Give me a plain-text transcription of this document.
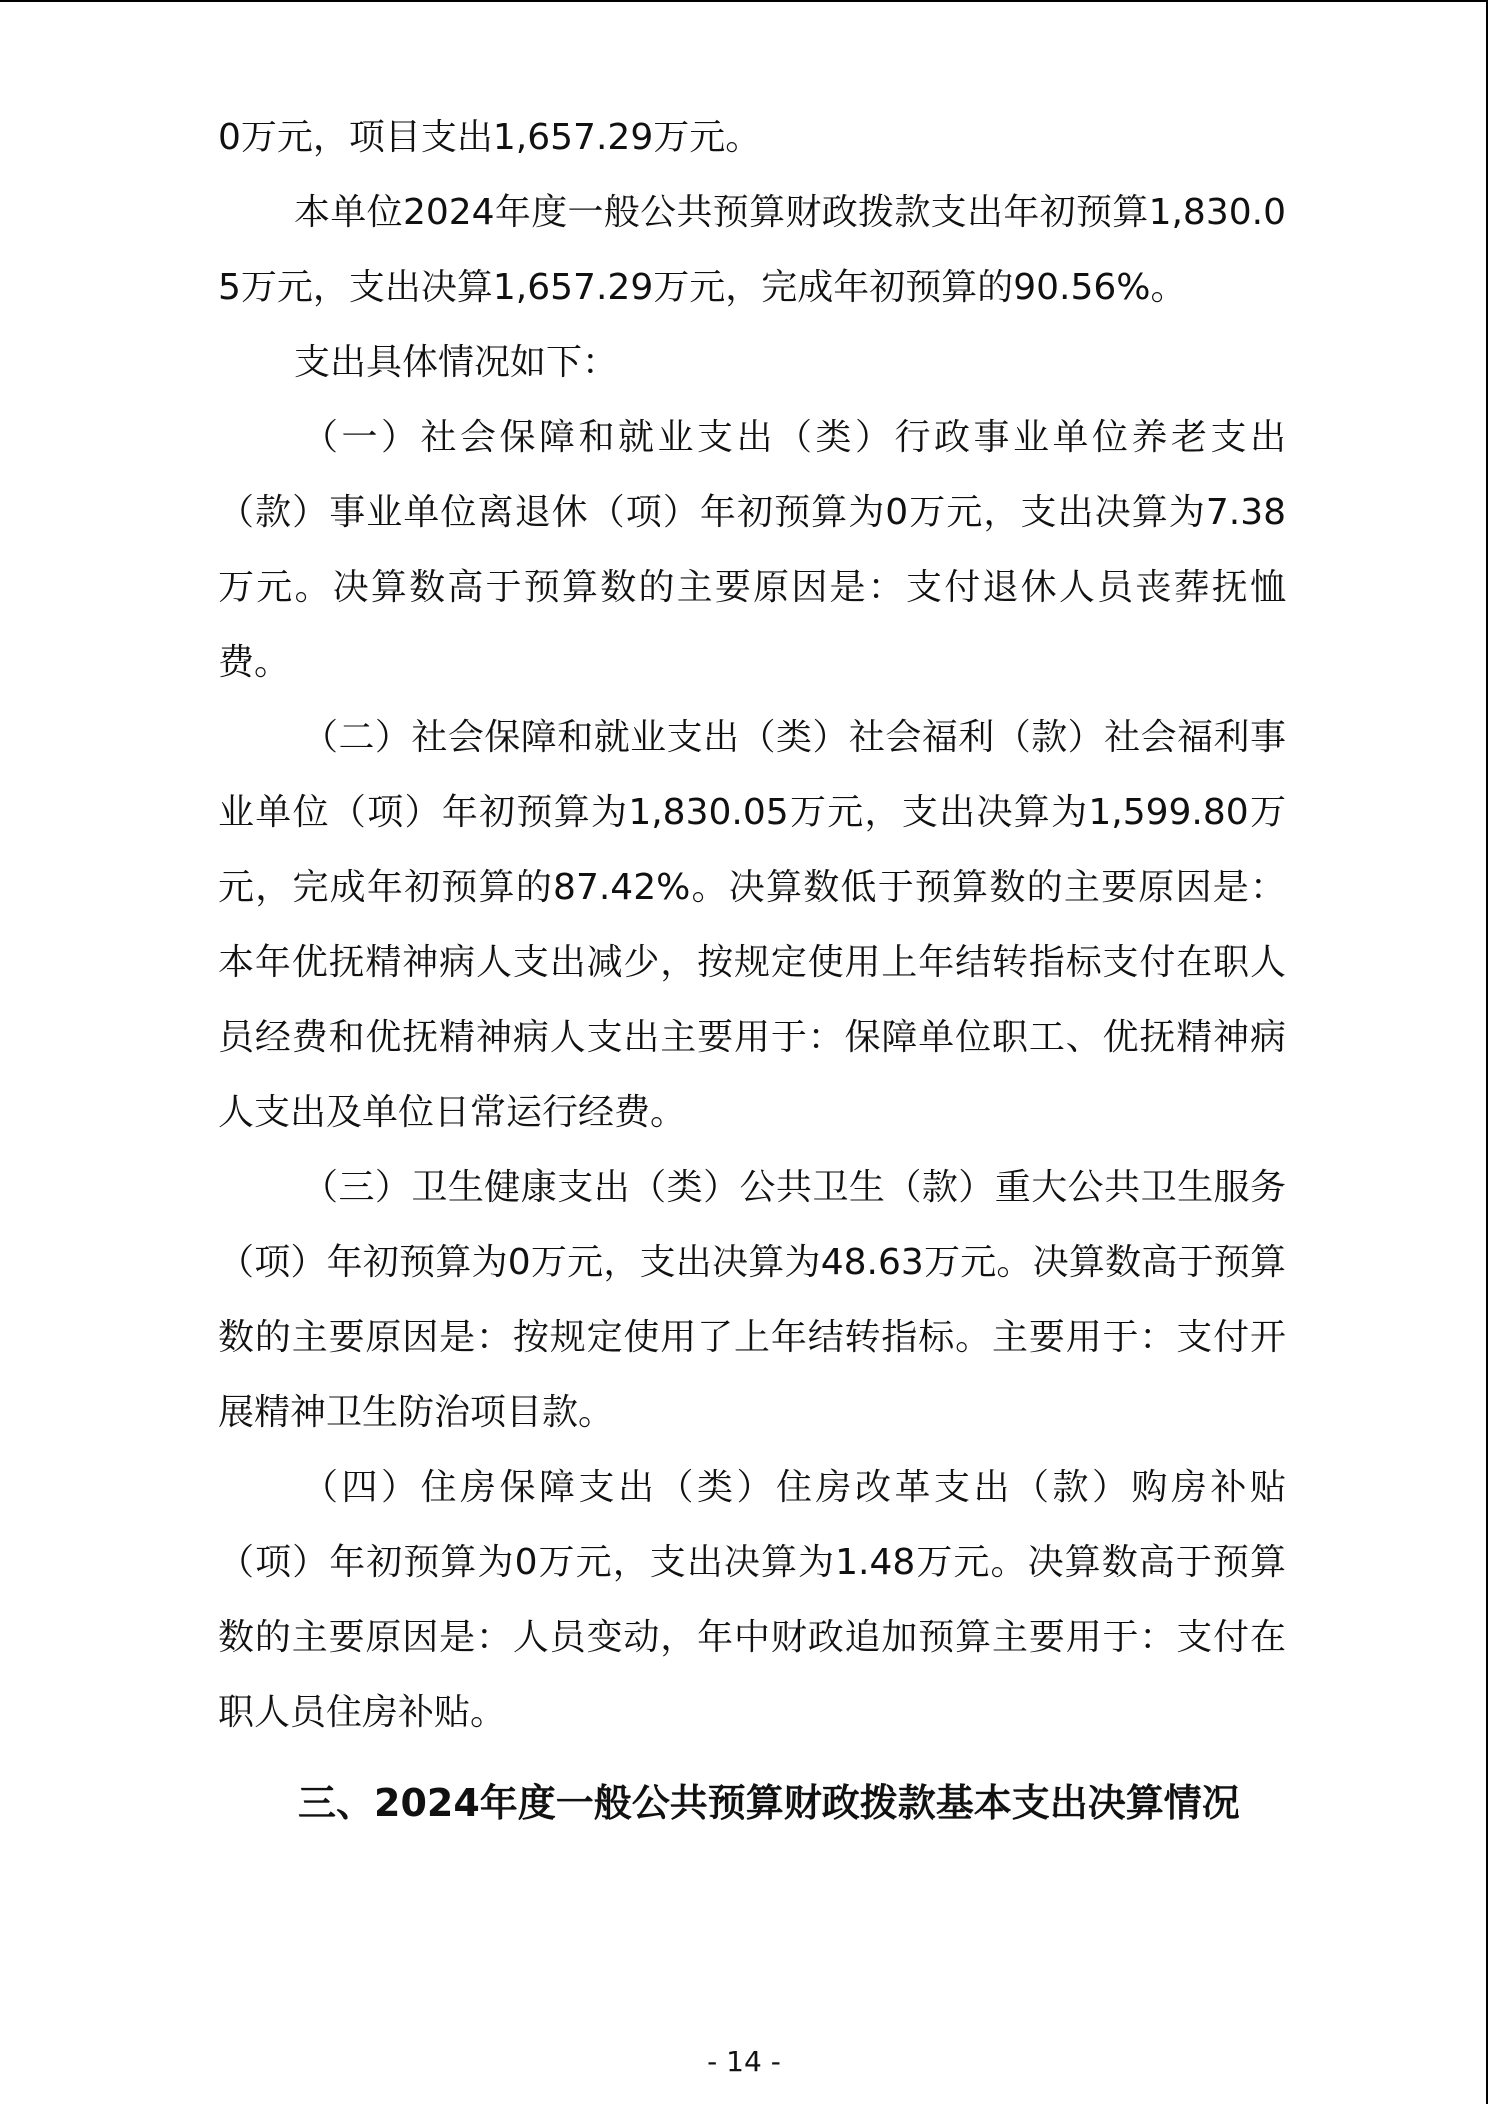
0万元，项目支出1,657.29万元。

本单位2024年度一般公共预算财政拨款支出年初预算1,830.05万元，支出决算1,657.29万元，完成年初预算的90.56%。

支出具体情况如下：

（一）社会保障和就业支出（类）行政事业单位养老支出（款）事业单位离退休（项）年初预算为0万元，支出决算为7.38万元。决算数高于预算数的主要原因是：支付退休人员丧葬抚恤费。

（二）社会保障和就业支出（类）社会福利（款）社会福利事业单位（项）年初预算为1,830.05万元，支出决算为1,599.80万元，完成年初预算的87.42%。决算数低于预算数的主要原因是：本年优抚精神病人支出减少，按规定使用上年结转指标支付在职人员经费和优抚精神病人支出主要用于：保障单位职工、优抚精神病人支出及单位日常运行经费。

（三）卫生健康支出（类）公共卫生（款）重大公共卫生服务（项）年初预算为0万元，支出决算为48.63万元。决算数高于预算数的主要原因是：按规定使用了上年结转指标。主要用于：支付开展精神卫生防治项目款。

（四）住房保障支出（类）住房改革支出（款）购房补贴（项）年初预算为0万元，支出决算为1.48万元。决算数高于预算数的主要原因是：人员变动，年中财政追加预算主要用于：支付在职人员住房补贴。

三、2024年度一般公共预算财政拨款基本支出决算情况
- 14 -
